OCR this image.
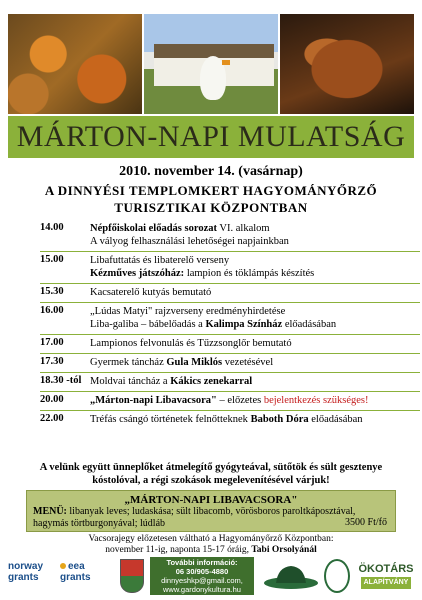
MÁRTON-NAPI MULATSÁG
2010. november 14. (vasárnap)
A DINNYÉSI TEMPLOMKERT HAGYOMÁNYŐRZŐ TURISZTIKAI KÖZPONTBAN
14.00	Népfőiskolai előadás sorozat VI. alkalom
A vályog felhasználási lehetőségei napjainkban
15.00	Libafuttatás és libaterelő verseny
Kézműves játszóház: lampion és töklámpás készítés
15.30	Kacsaterelő kutyás bemutató
16.00	„Lúdas Matyi" rajzverseny eredményhirdetése
Liba-galiba – bábelőadás a Kalimpa Színház előadásában
17.00	Lampionos felvonulás és Tűzzsonglőr bemutató
17.30	Gyermek táncház Gula Miklós vezetésével
18.30 -tól Moldvai táncház a Kákics zenekarral
20.00	„Márton-napi Libavacsora" – előzetes bejelentkezés szükséges!
22.00	Tréfás csángó történetek felnőtteknek Baboth Dóra előadásában
A velünk együtt ünneplőket átmelegítő gyógyteával, sütőtök és sült gesztenye kóstolóval, a régi szokások megelevenítésével várjuk!
„MÁRTON-NAPI LIBAVACSORA"
MENÜ: libanyak leves; ludaskása; sült libacomb, vörösboros paroltkáposztával, hagymás törtburgonyával; lúdláb	3500 Ft/fő
Vacsorajegy előzetesen váltható a Hagyományőrző Központban:
november 11-ig, naponta 15-17 óráig, Tabi Orsolyánál
norway
grants
eea
grants
További információ:
06 30/905-4880
dinnyeshkp@gmail.com,
www.gardonykultura.hu
ÖKOTÁRS
ALAPÍTVÁNY
